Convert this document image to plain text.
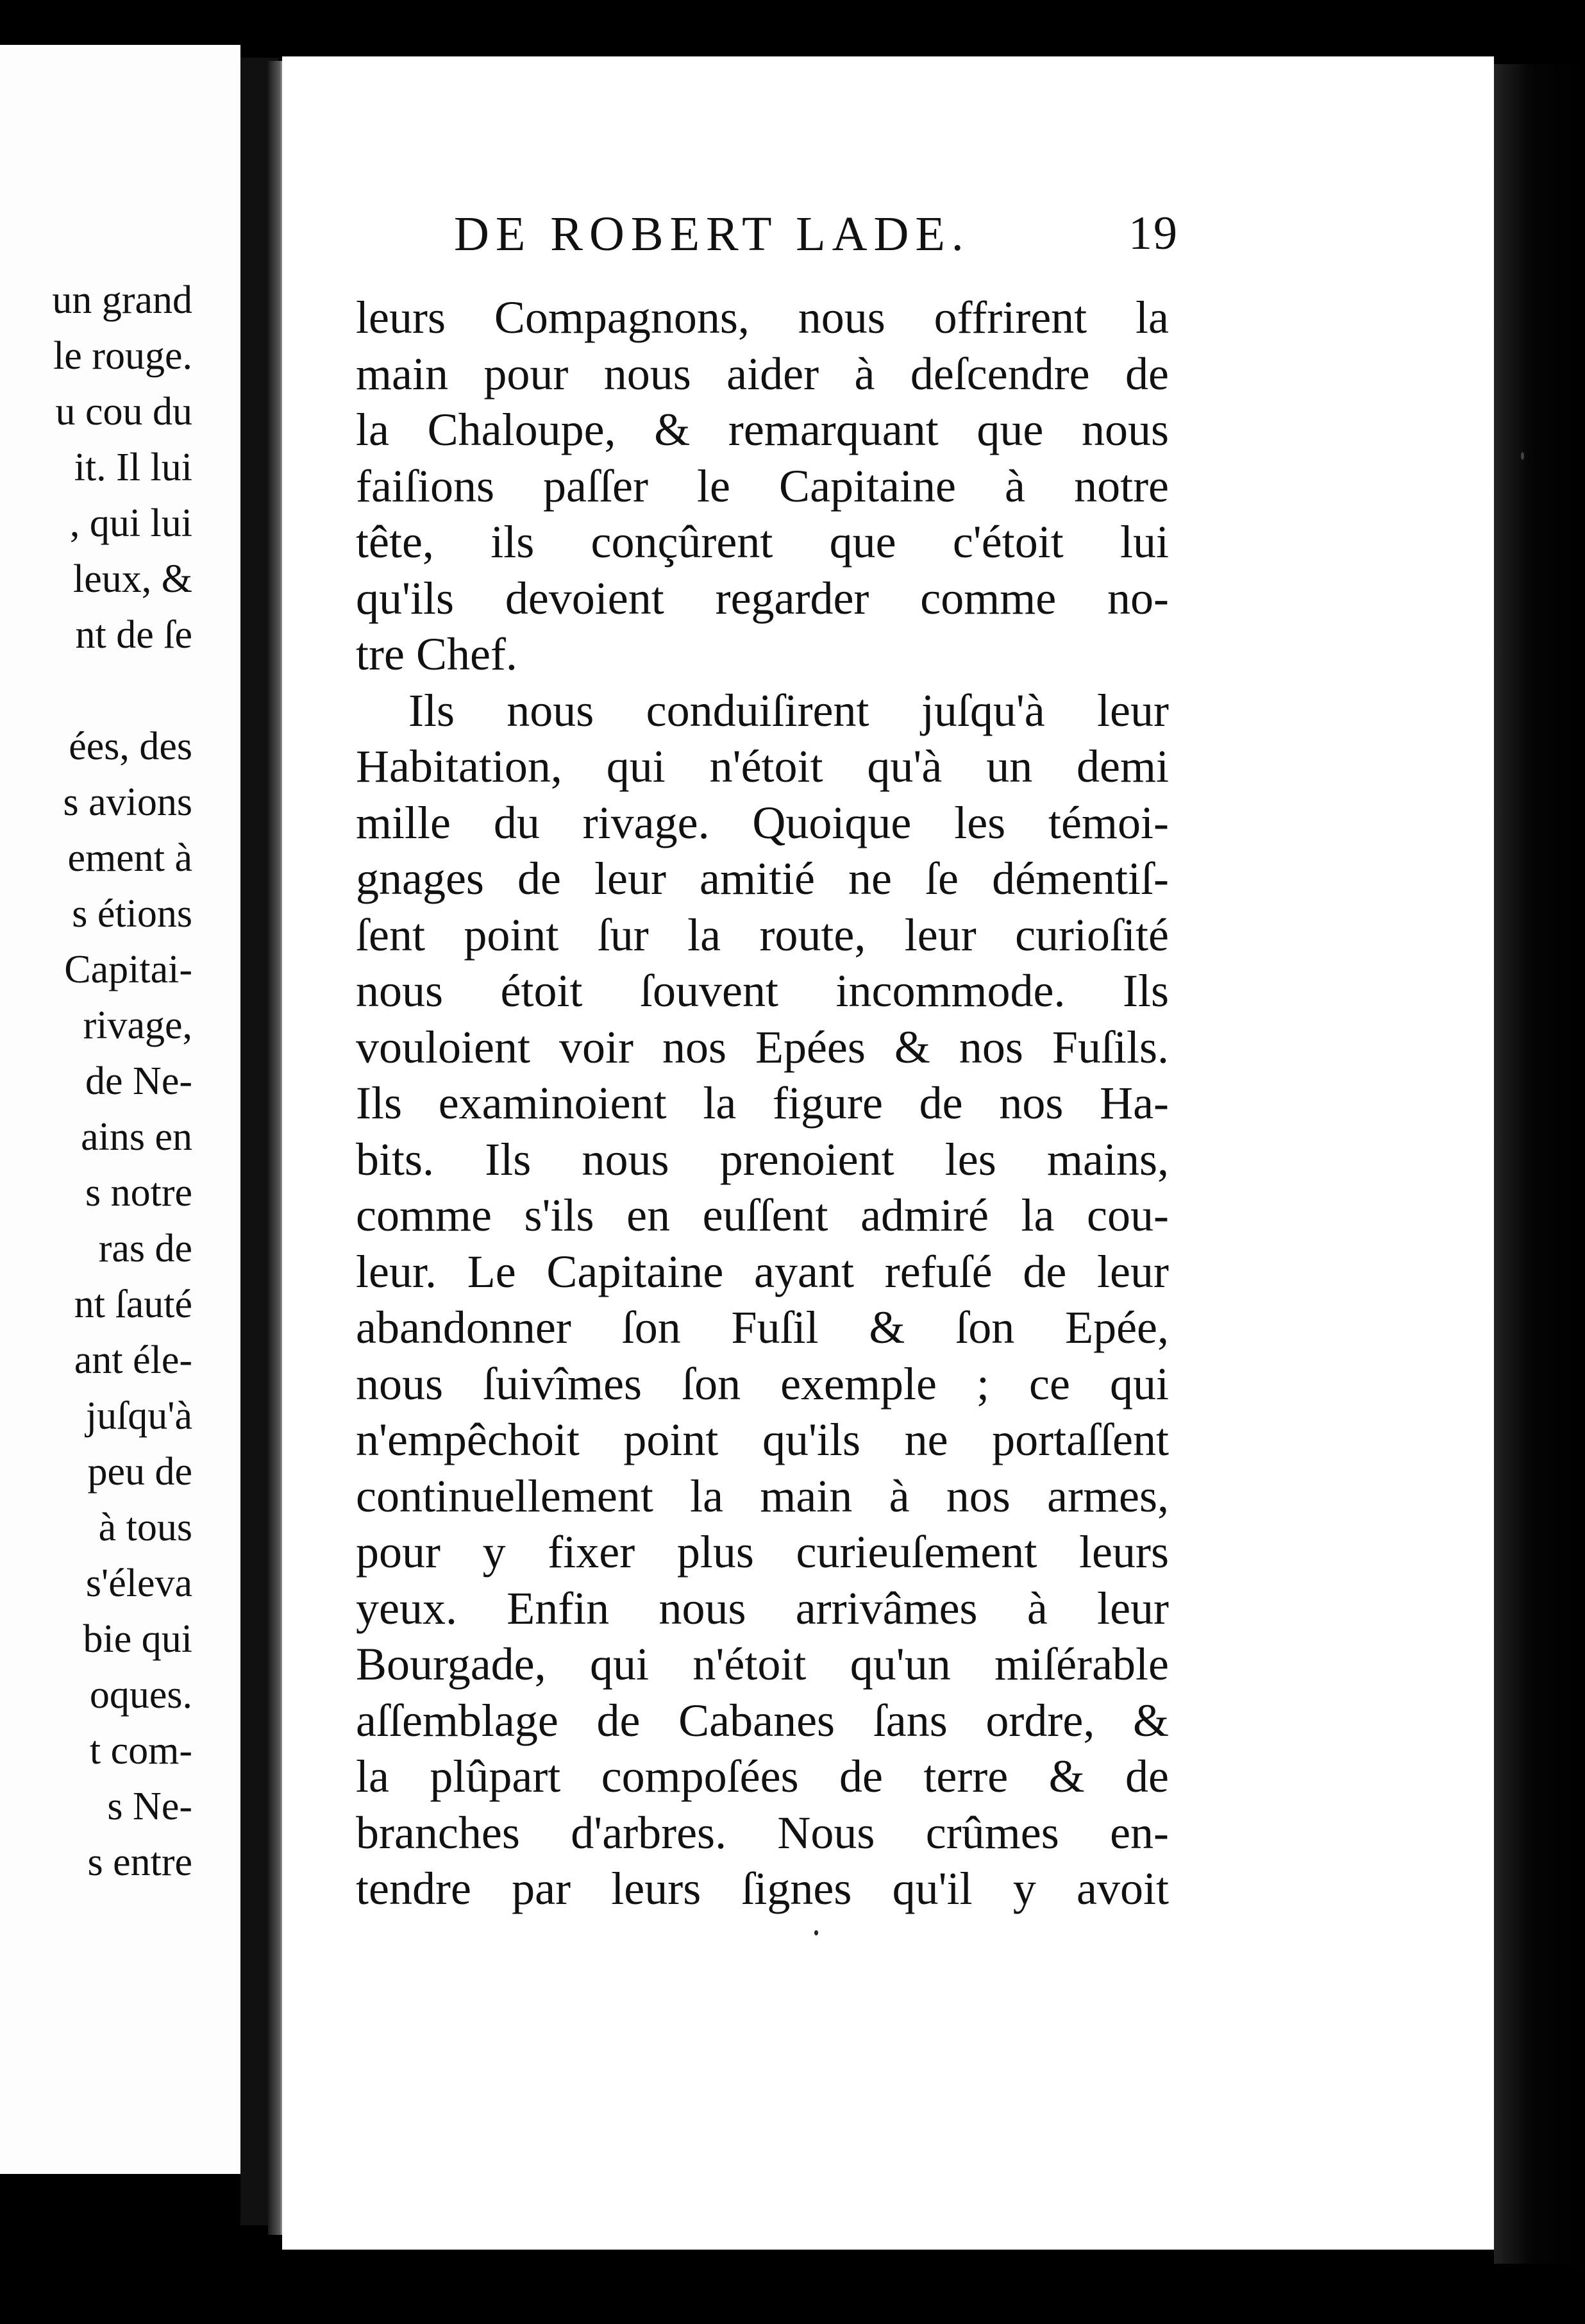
un grand
le rouge.
u cou du
it. Il lui
, qui lui
leux, &
nt de ſe
ées, des
s avions
ement à
s étions
Capitai-
rivage,
de Ne-
ains en
s notre
ras de
nt ſauté
ant éle-
juſqu'à
peu de
à tous
s'éleva
bie qui
oques.
t com-
s Ne-
s entre
DE ROBERT LADE.	19
leurs Compagnons, nous offrirent la
main pour nous aider à deſcendre de
la Chaloupe, & remarquant que nous
faiſions paſſer le Capitaine à notre
tête, ils conçûrent que c'étoit lui
qu'ils devoient regarder comme no-
tre Chef.
Ils nous conduiſirent juſqu'à leur
Habitation, qui n'étoit qu'à un demi
mille du rivage. Quoique les témoi-
gnages de leur amitié ne ſe démentiſ-
ſent point ſur la route, leur curioſité
nous étoit ſouvent incommode. Ils
vouloient voir nos Epées & nos Fuſils.
Ils examinoient la figure de nos Ha-
bits. Ils nous prenoient les mains,
comme s'ils en euſſent admiré la cou-
leur. Le Capitaine ayant refuſé de leur
abandonner ſon Fuſil & ſon Epée,
nous ſuivîmes ſon exemple ; ce qui
n'empêchoit point qu'ils ne portaſſent
continuellement la main à nos armes,
pour y fixer plus curieuſement leurs
yeux. Enfin nous arrivâmes à leur
Bourgade, qui n'étoit qu'un miſérable
aſſemblage de Cabanes ſans ordre, &
la plûpart compoſées de terre & de
branches d'arbres. Nous crûmes en-
tendre par leurs ſignes qu'il y avoit
